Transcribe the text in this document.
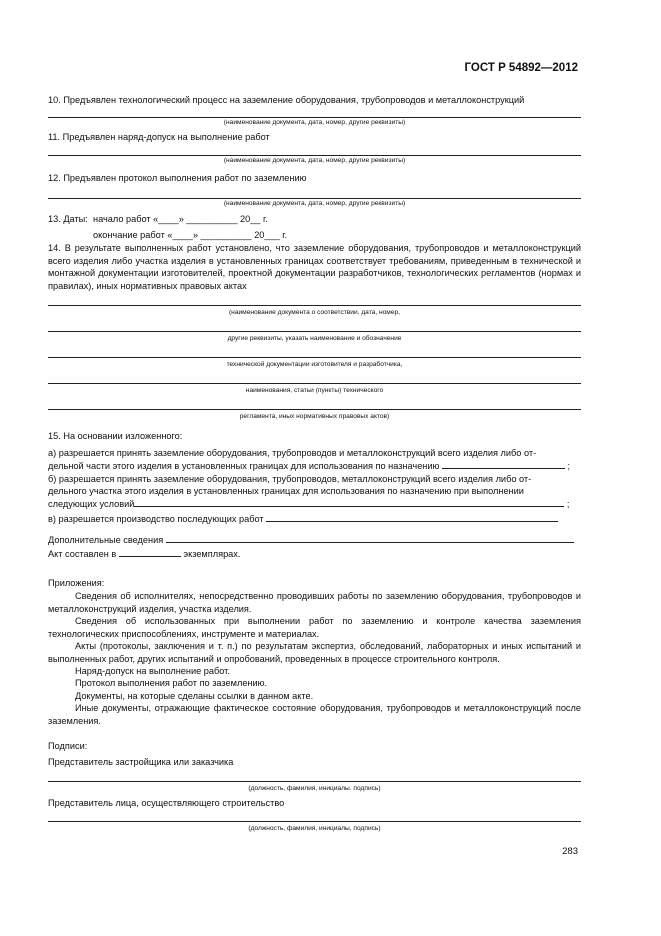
ГОСТ Р 54892—2012
10. Предъявлен технологический процесс на заземление оборудования, трубопроводов и металлоконструкций
(наименование документа, дата, номер, другие реквизиты)
11. Предъявлен наряд-допуск на выполнение работ
(наименование документа, дата, номер, другие реквизиты)
12. Предъявлен протокол выполнения работ по заземлению
(наименование документа, дата, номер, другие реквизиты)
13. Даты: начало работ «____» __________ 20__ г.
окончание работ «____» __________ 20___ г.
14. В результате выполненных работ установлено, что заземление оборудования, трубопроводов и металлоконструкций всего изделия либо участка изделия в установленных границах соответствует требованиям, приведенным в технической и монтажной документации изготовителей, проектной документации разработчиков, технологических регламентов (нормах и правилах), иных нормативных правовых актах
(наименование документа о соответствии, дата, номер,
другие реквизиты, указать наименование и обозначение
технической документации изготовителя и разработчика,
наименования, статьи (пункты) технического
регламента, иных нормативных правовых актов)
15. На основании изложенного:
а) разрешается принять заземление оборудования, трубопроводов и металлоконструкций всего изделия либо от-
дельной части этого изделия в установленных границах для использования по назначению	;
б) разрешается принять заземление оборудования, трубопроводов, металлоконструкций всего изделия либо от-
дельного участка этого изделия в установленных границах для использования по назначению при выполнении
следующих условий	;
в) разрешается производство последующих работ
Дополнительные сведения
Акт составлен в	экземплярах.
Приложения:
Сведения об исполнителях, непосредственно проводивших работы по заземлению оборудования, трубопроводов и металлоконструкций изделия, участка изделия.
Сведения об использованных при выполнении работ по заземлению и контроле качества заземления технологических приспособлениях, инструменте и материалах.
Акты (протоколы, заключения и т. п.) по результатам экспертиз, обследований, лабораторных и иных испытаний и выполненных работ, других испытаний и опробований, проведенных в процессе строительного контроля.
Наряд-допуск на выполнение работ.
Протокол выполнения работ по заземлению.
Документы, на которые сделаны ссылки в данном акте.
Иные документы, отражающие фактическое состояние оборудования, трубопроводов и металлоконструкций после заземления.
Подписи:
Представитель застройщика или заказчика
(должность, фамилия, инициалы. подпись)
Представитель лица, осуществляющего строительство
(должность, фамилия, инициалы, подпись)
283
